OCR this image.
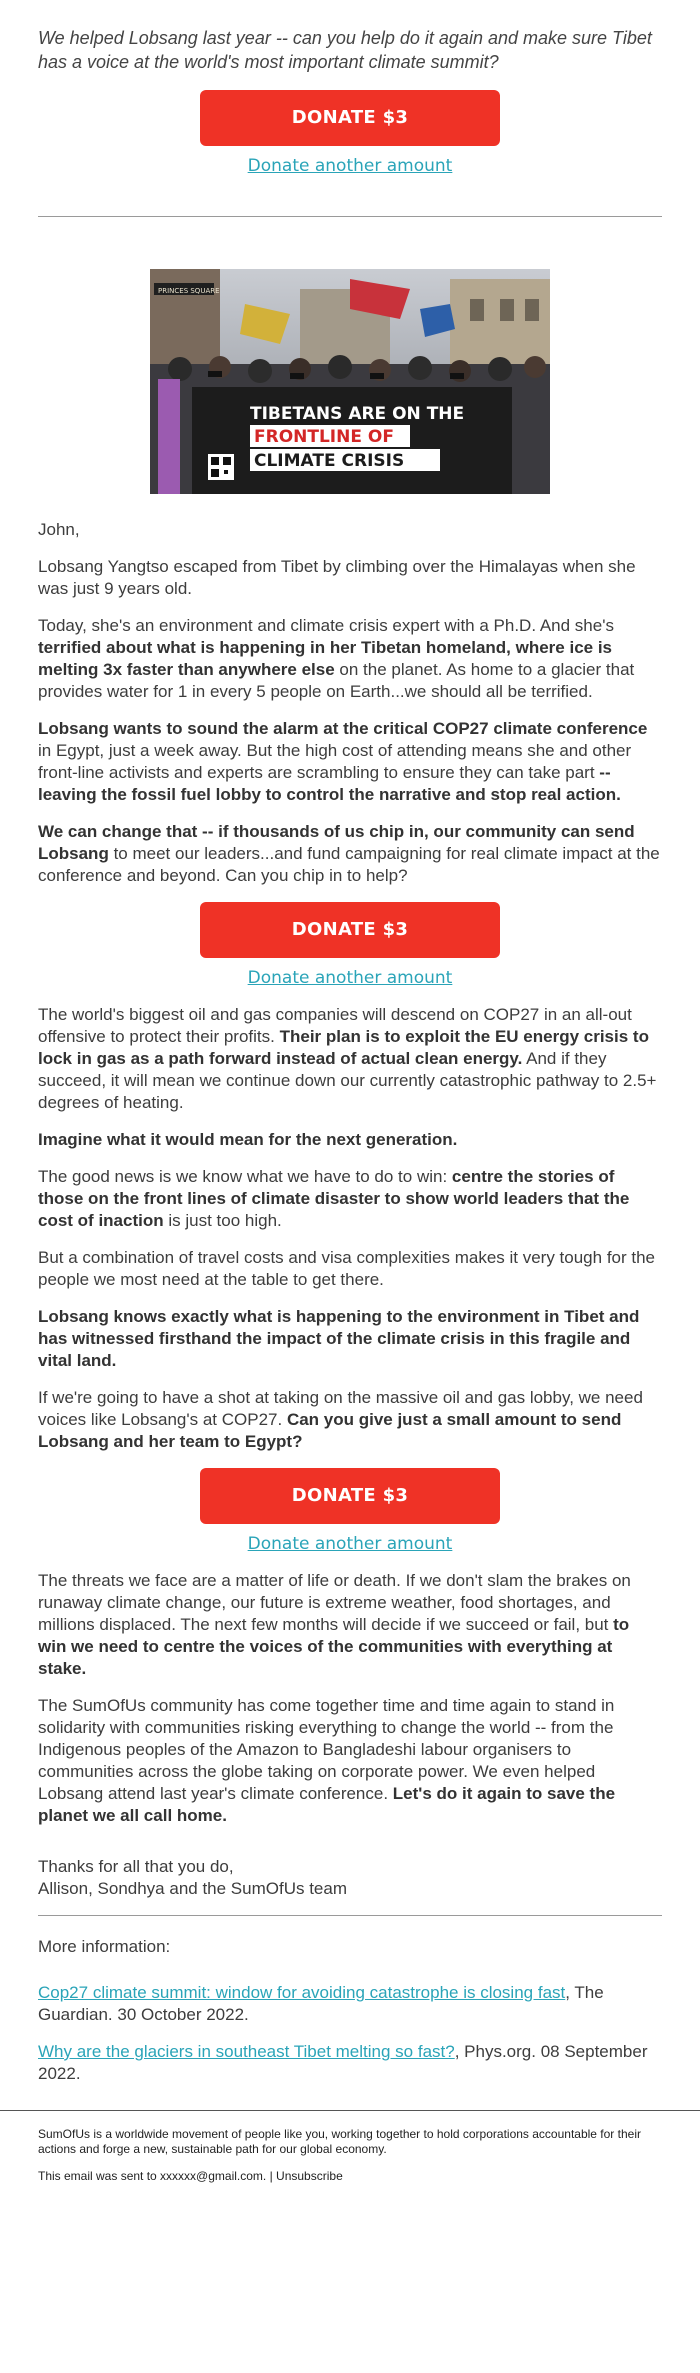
We helped Lobsang last year -- can you help do it again and make sure Tibet has a voice at the world's most important climate summit?

DONATE $3
Donate another amount
TIBETANS ARE ON THE
FRONTLINE OF
CLIMATE CRISIS
PRINCES SQUARE

John,

Lobsang Yangtso escaped from Tibet by climbing over the Himalayas when she was just 9 years old.

Today, she's an environment and climate crisis expert with a Ph.D. And she's terrified about what is happening in her Tibetan homeland, where ice is melting 3x faster than anywhere else on the planet. As home to a glacier that provides water for 1 in every 5 people on Earth...we should all be terrified.

Lobsang wants to sound the alarm at the critical COP27 climate conference in Egypt, just a week away. But the high cost of attending means she and other front-line activists and experts are scrambling to ensure they can take part -- leaving the fossil fuel lobby to control the narrative and stop real action.

We can change that -- if thousands of us chip in, our community can send Lobsang to meet our leaders...and fund campaigning for real climate impact at the conference and beyond. Can you chip in to help?

DONATE $3
Donate another amount

The world's biggest oil and gas companies will descend on COP27 in an all-out offensive to protect their profits. Their plan is to exploit the EU energy crisis to lock in gas as a path forward instead of actual clean energy. And if they succeed, it will mean we continue down our currently catastrophic pathway to 2.5+ degrees of heating.

Imagine what it would mean for the next generation.

The good news is we know what we have to do to win: centre the stories of those on the front lines of climate disaster to show world leaders that the cost of inaction is just too high.

But a combination of travel costs and visa complexities makes it very tough for the people we most need at the table to get there.

Lobsang knows exactly what is happening to the environment in Tibet and has witnessed firsthand the impact of the climate crisis in this fragile and vital land.

If we're going to have a shot at taking on the massive oil and gas lobby, we need voices like Lobsang's at COP27. Can you give just a small amount to send Lobsang and her team to Egypt?

DONATE $3
Donate another amount

The threats we face are a matter of life or death. If we don't slam the brakes on runaway climate change, our future is extreme weather, food shortages, and millions displaced. The next few months will decide if we succeed or fail, but to win we need to centre the voices of the communities with everything at stake.

The SumOfUs community has come together time and time again to stand in solidarity with communities risking everything to change the world -- from the Indigenous peoples of the Amazon to Bangladeshi labour organisers to communities across the globe taking on corporate power. We even helped Lobsang attend last year's climate conference. Let's do it again to save the planet we all call home.

Thanks for all that you do,

Allison, Sondhya and the SumOfUs team

More information:

Cop27 climate summit: window for avoiding catastrophe is closing fast, The Guardian. 30 October 2022.

Why are the glaciers in southeast Tibet melting so fast?, Phys.org. 08 September 2022.

SumOfUs is a worldwide movement of people like you, working together to hold corporations accountable for their actions and forge a new, sustainable path for our global economy.

This email was sent to xxxxxx@gmail.com. | Unsubscribe
